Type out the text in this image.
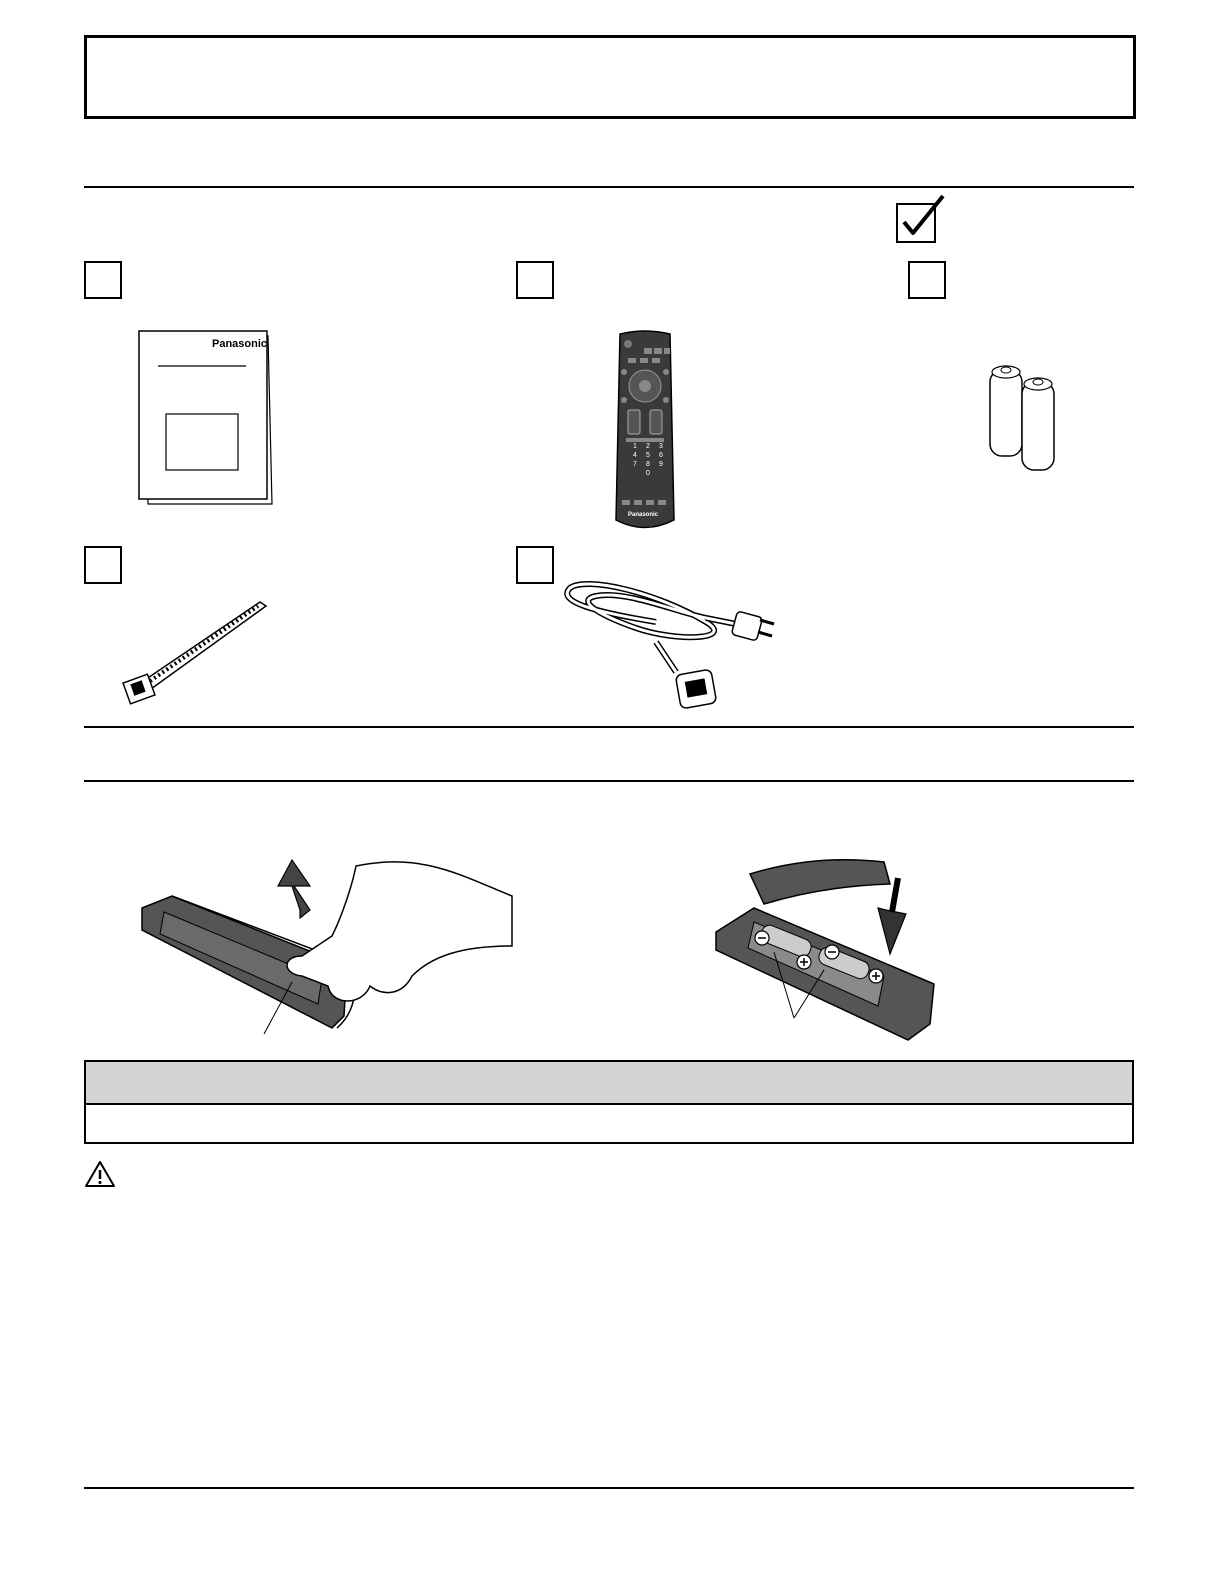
Panasonic
1	2	3
4	5	6
7	8	9
0
Panasonic
